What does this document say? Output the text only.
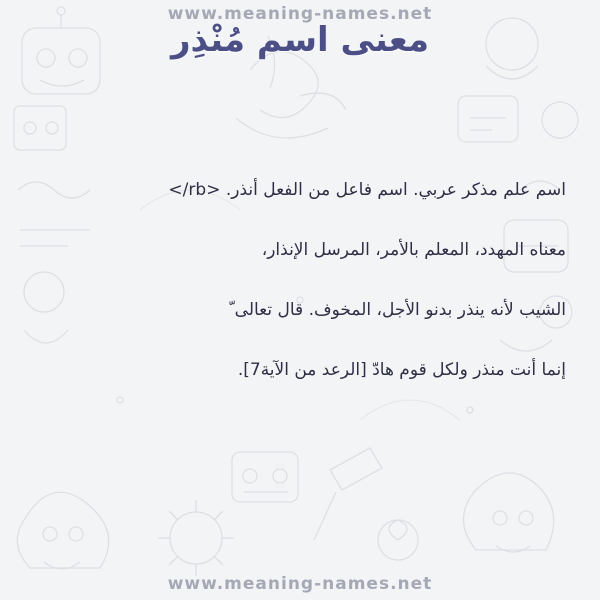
www.meaning-names.net
معنى اسم مُنْذِر
اسم علم مذكر عربي. اسم فاعل من الفعل أنذر. <rb/>
معناه المهدد، المعلم بالأمر، المرسل الإنذار،
الشيب لأنه ينذر بدنو الأجل، المخوف. قال تعالى ّ
إنما أنت منذر ولكل قوم هادّ [الرعد من الآية7].
www.meaning-names.net
